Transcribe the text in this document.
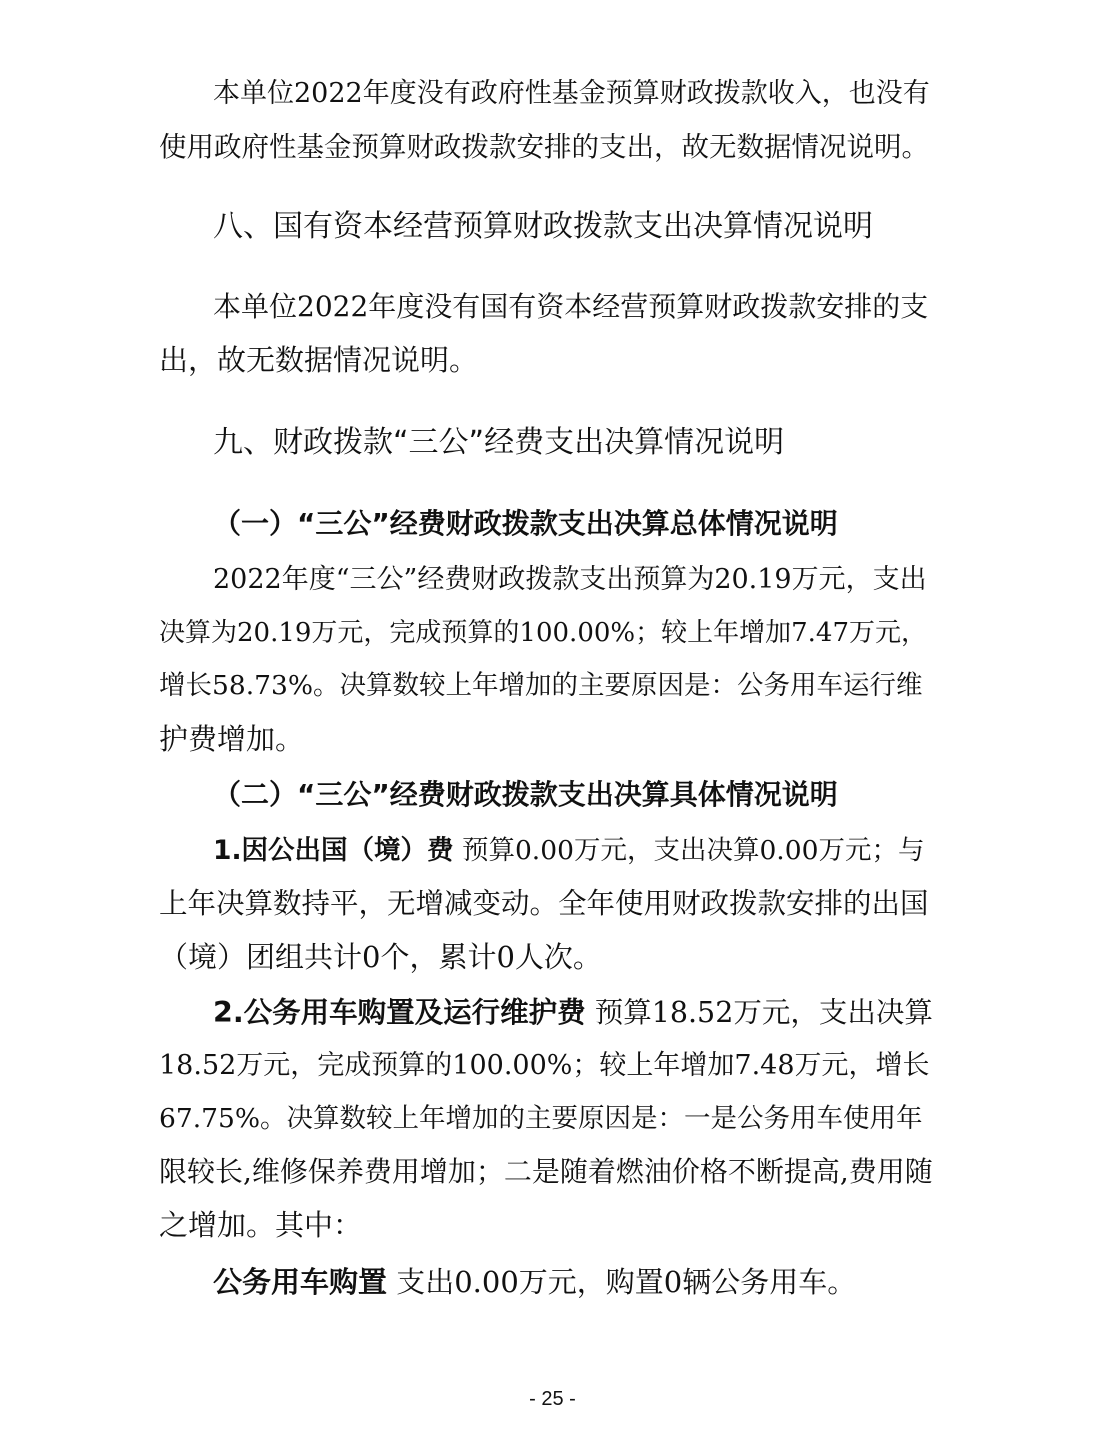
本单位2022年度没有政府性基金预算财政拨款收入，也没有
使用政府性基金预算财政拨款安排的支出，故无数据情况说明。
八、国有资本经营预算财政拨款支出决算情况说明
本单位2022年度没有国有资本经营预算财政拨款安排的支
出，故无数据情况说明。
九、财政拨款“三公”经费支出决算情况说明
（一）“三公”经费财政拨款支出决算总体情况说明
2022年度“三公”经费财政拨款支出预算为20.19万元，支出
决算为20.19万元，完成预算的100.00%；较上年增加7.47万元，
增长58.73%。决算数较上年增加的主要原因是：公务用车运行维
护费增加。
（二）“三公”经费财政拨款支出决算具体情况说明
1.因公出国（境）费 预算0.00万元，支出决算0.00万元；与
上年决算数持平，无增减变动。全年使用财政拨款安排的出国
（境）团组共计0个，累计0人次。
2.公务用车购置及运行维护费 预算18.52万元，支出决算
18.52万元，完成预算的100.00%；较上年增加7.48万元，增长
67.75%。决算数较上年增加的主要原因是：一是公务用车使用年
限较长,维修保养费用增加；二是随着燃油价格不断提高,费用随
之增加。其中：
公务用车购置 支出0.00万元，购置0辆公务用车。
- 25 -
